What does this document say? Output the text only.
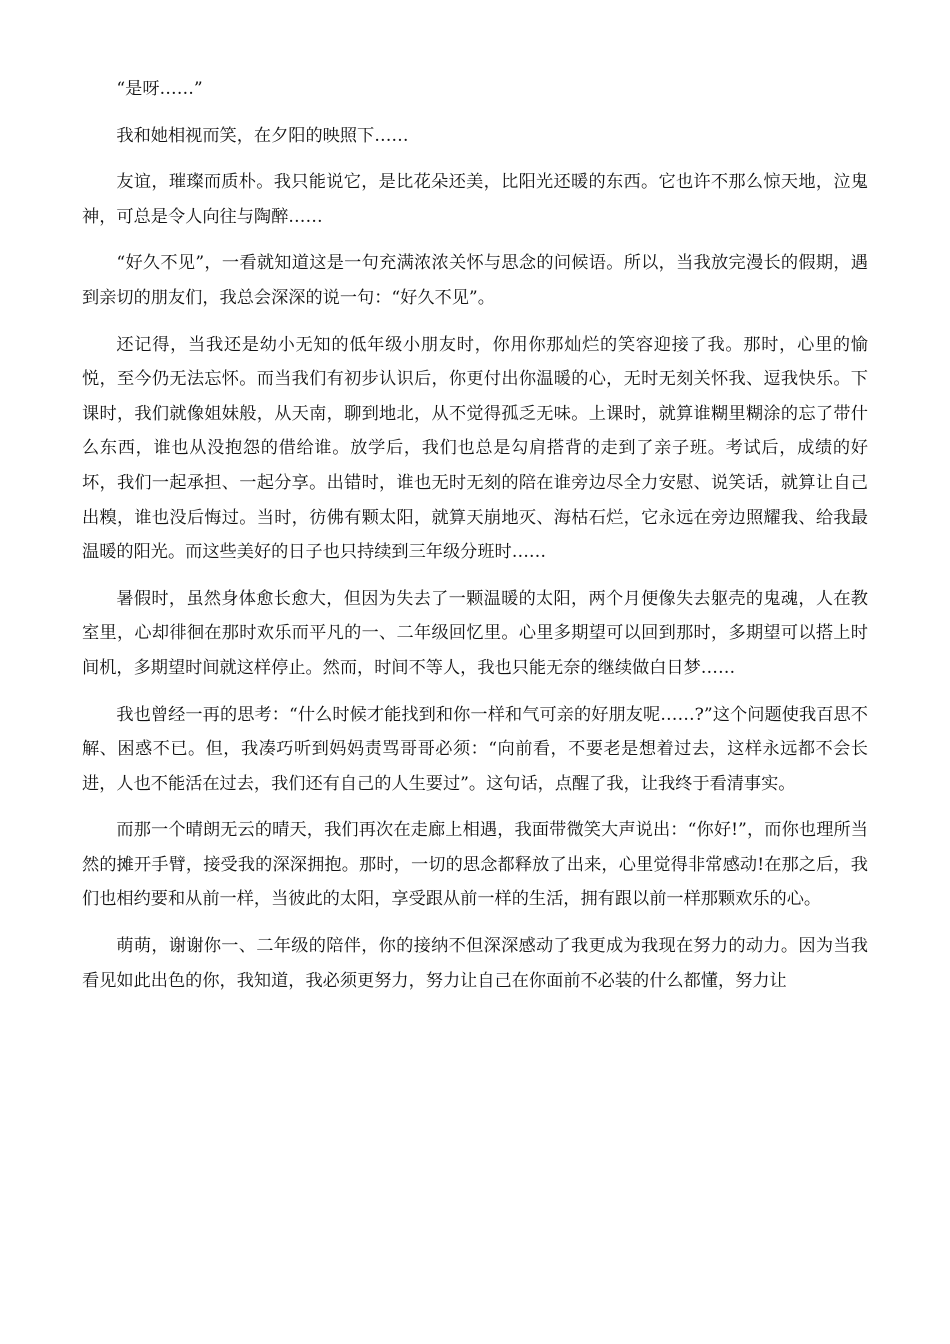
“是呀……”

我和她相视而笑，在夕阳的映照下……

友谊，璀璨而质朴。我只能说它，是比花朵还美，比阳光还暖的东西。它也许不那么惊天地，泣鬼神，可总是令人向往与陶醉……

“好久不见”，一看就知道这是一句充满浓浓关怀与思念的问候语。所以，当我放完漫长的假期，遇到亲切的朋友们，我总会深深的说一句：“好久不见”。

还记得，当我还是幼小无知的低年级小朋友时，你用你那灿烂的笑容迎接了我。那时，心里的愉悦，至今仍无法忘怀。而当我们有初步认识后，你更付出你温暖的心，无时无刻关怀我、逗我快乐。下课时，我们就像姐妹般，从天南，聊到地北，从不觉得孤乏无味。上课时，就算谁糊里糊涂的忘了带什么东西，谁也从没抱怨的借给谁。放学后，我们也总是勾肩搭背的走到了亲子班。考试后，成绩的好坏，我们一起承担、一起分享。出错时，谁也无时无刻的陪在谁旁边尽全力安慰、说笑话，就算让自己出糗，谁也没后悔过。当时，彷佛有颗太阳，就算天崩地灭、海枯石烂，它永远在旁边照耀我、给我最温暖的阳光。而这些美好的日子也只持续到三年级分班时……

暑假时，虽然身体愈长愈大，但因为失去了一颗温暖的太阳，两个月便像失去躯壳的鬼魂，人在教室里，心却徘徊在那时欢乐而平凡的一、二年级回忆里。心里多期望可以回到那时，多期望可以搭上时间机，多期望时间就这样停止。然而，时间不等人，我也只能无奈的继续做白日梦……

我也曾经一再的思考：“什么时候才能找到和你一样和气可亲的好朋友呢……?”这个问题使我百思不解、困惑不已。但，我凑巧听到妈妈责骂哥哥必须：“向前看，不要老是想着过去，这样永远都不会长进，人也不能活在过去，我们还有自己的人生要过”。这句话，点醒了我，让我终于看清事实。

而那一个晴朗无云的晴天，我们再次在走廊上相遇，我面带微笑大声说出：“你好!”，而你也理所当然的摊开手臂，接受我的深深拥抱。那时，一切的思念都释放了出来，心里觉得非常感动!在那之后，我们也相约要和从前一样，当彼此的太阳，享受跟从前一样的生活，拥有跟以前一样那颗欢乐的心。

萌萌，谢谢你一、二年级的陪伴，你的接纳不但深深感动了我更成为我现在努力的动力。因为当我看见如此出色的你，我知道，我必须更努力，努力让自己在你面前不必装的什么都懂，努力让
